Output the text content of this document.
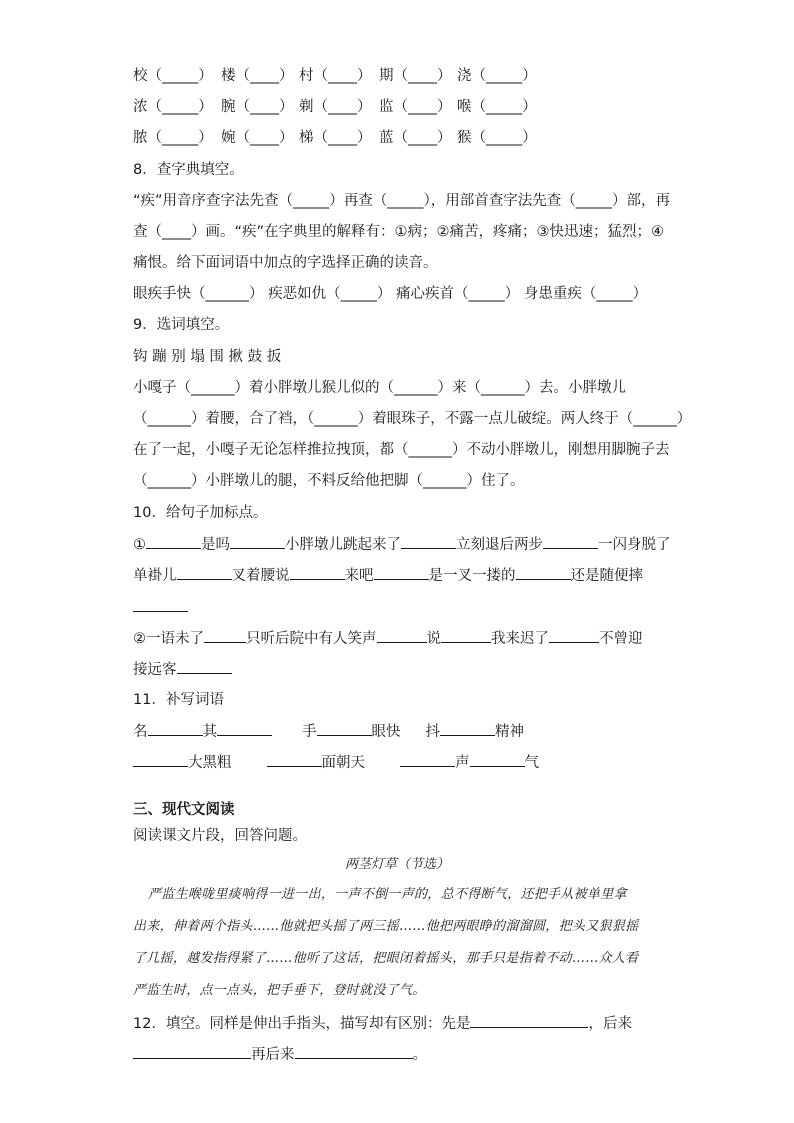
校（_____） 楼（____） 村（____） 期（____） 浇（_____）
浓（_____） 腕（____） 剃（____） 监（____） 喉（_____）
脓（_____） 婉（____） 梯（____） 蓝（____） 猴（_____）
8．查字典填空。
“疾”用音序查字法先查（_____）再查（_____），用部首查字法先查（_____）部，再
查（____）画。“疾”在字典里的解释有：①病；②痛苦，疼痛；③快迅速；猛烈；④
痛恨。给下面词语中加点的字选择正确的读音。
眼疾手快（______） 疾恶如仇（_____） 痛心疾首（_____） 身患重疾（_____）
9．选词填空。
钩 蹦 别 塌 围 揪 鼓 扳
小嘎子（______）着小胖墩儿猴儿似的（______）来（______）去。小胖墩儿
（______）着腰，合了裆，（______）着眼珠子，不露一点儿破绽。两人终于（______）
在了一起，小嘎子无论怎样推拉拽顶，都（______）不动小胖墩儿，刚想用脚腕子去
（______）小胖墩儿的腿，不料反给他把脚（______）住了。
10．给句子加标点。
①	是吗	小胖墩儿跳起来了	立刻退后两步	一闪身脱了
单褂儿	叉着腰说	来吧	是一叉一搂的	还是随便摔
②一语未了	只听后院中有人笑声	说	我来迟了	不曾迎
接远客
11．补写词语
名	其	手	眼快 抖	精神
大黑粗	面朝天	声	气
三、现代文阅读
阅读课文片段，回答问题。
两茎灯草（节选）
严监生喉咙里痰响得一进一出，一声不倒一声的，总不得断气，还把手从被单里拿
出来，伸着两个指头……他就把头摇了两三摇……他把两眼睁的溜溜圆，把头又狠狠摇
了几摇，越发指得紧了……他听了这话，把眼闭着摇头，那手只是指着不动……众人看
严监生时，点一点头，把手垂下，登时就没了气。
12．填空。同样是伸出手指头，描写却有区别：先是	，后来
再后来	。
